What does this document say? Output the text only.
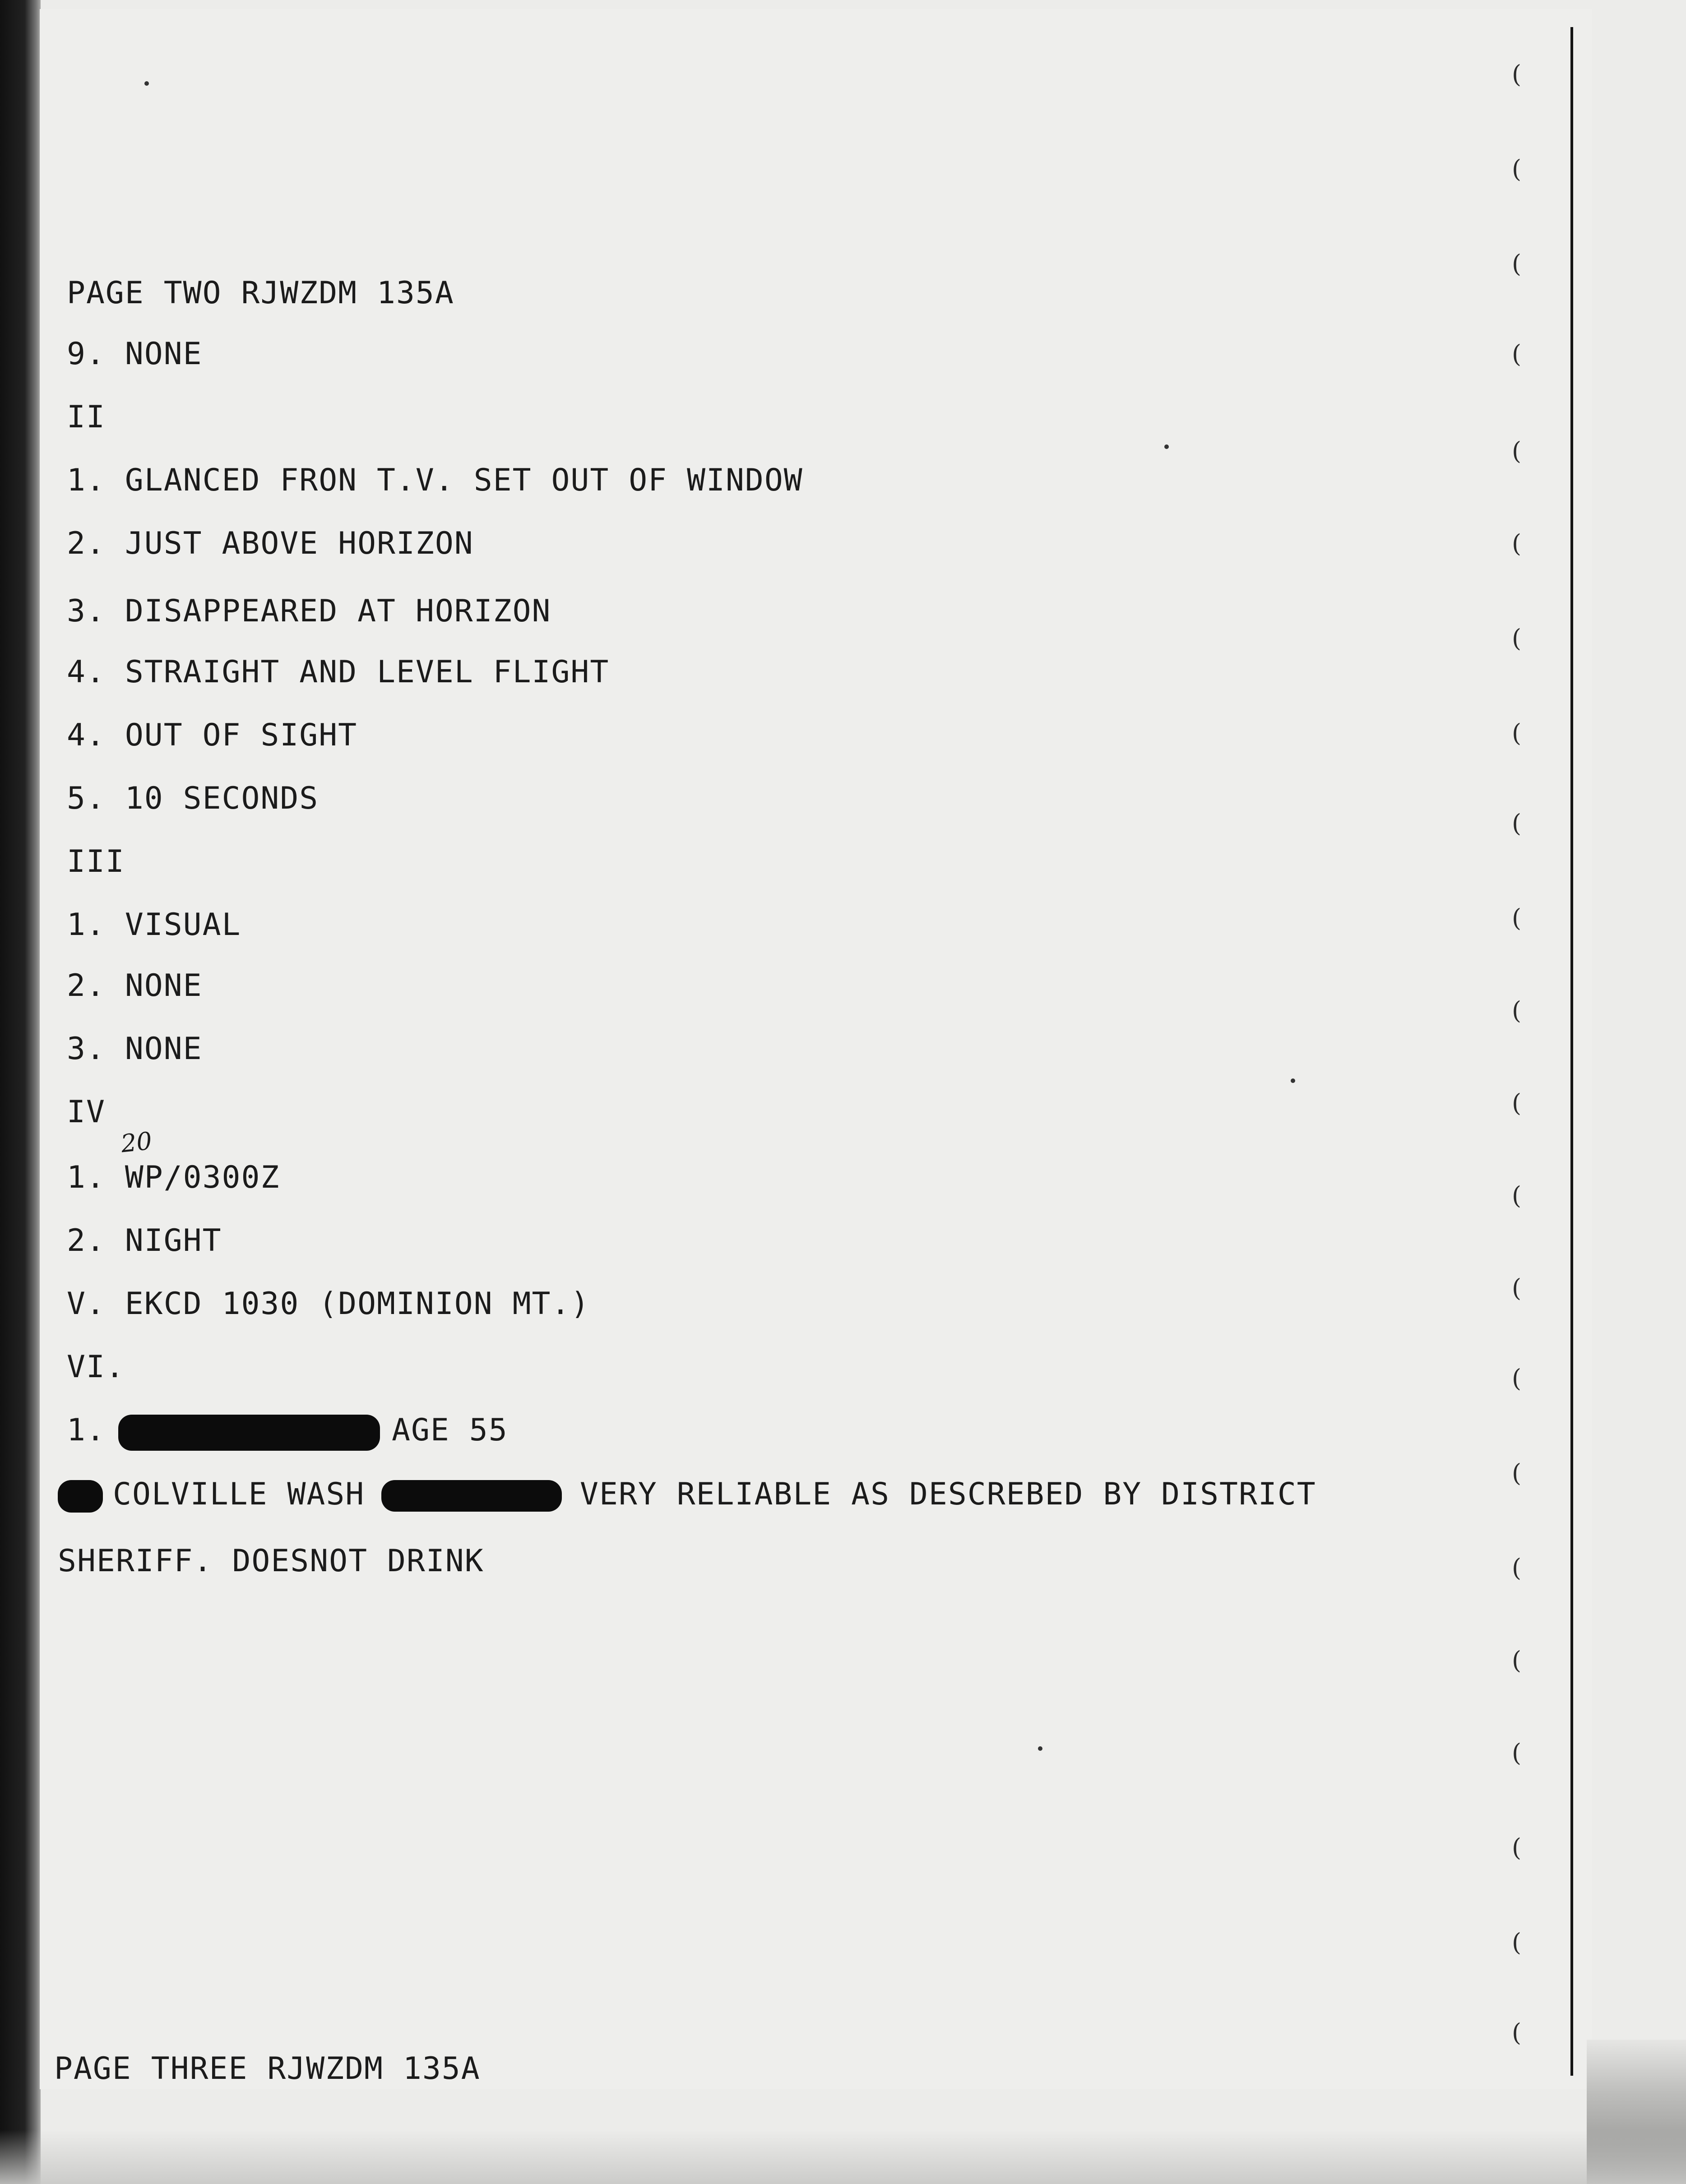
(
(
(
(
(
(
(
(
(
(
(
(
(
(
(
(
(
(
(
(
(
(
PAGE TWO RJWZDM 135A
9. NONE
II
1. GLANCED FRON T.V. SET OUT OF WINDOW
2. JUST ABOVE HORIZON
3. DISAPPEARED AT HORIZON
4. STRAIGHT AND LEVEL FLIGHT
4. OUT OF SIGHT
5. 10 SECONDS
III
1. VISUAL
2. NONE
3. NONE
IV
20
1. WP/0300Z
2. NIGHT
V. EKCD 1030 (DOMINION MT.)
VI.
1.	AGE 55
COLVILLE WASH	VERY RELIABLE AS DESCREBED BY DISTRICT
SHERIFF. DOESNOT DRINK
PAGE THREE RJWZDM 135A
